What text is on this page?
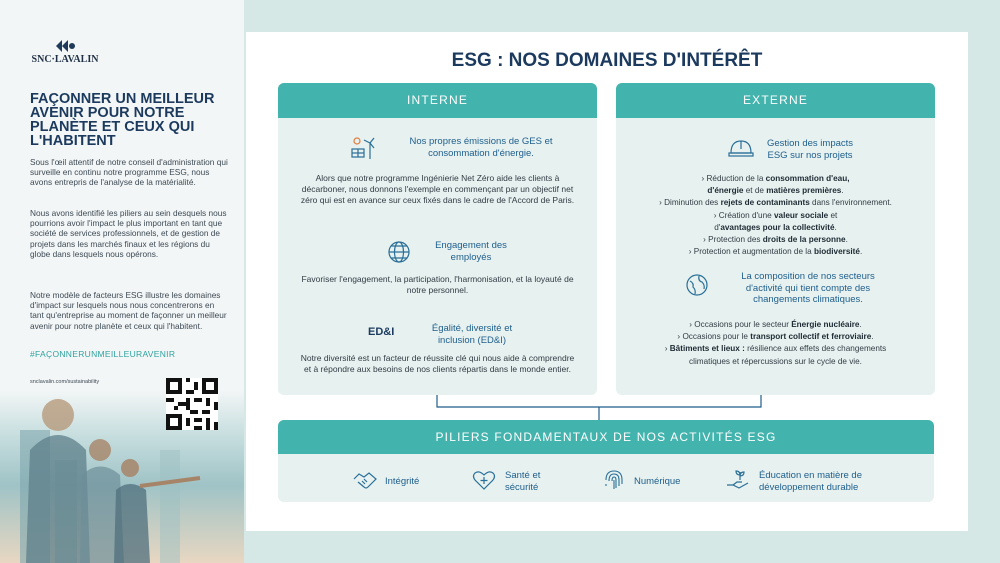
SNC·LAVALIN
FAÇONNER UN MEILLEUR AVENIR POUR NOTRE PLANÈTE ET CEUX QUI L'HABITENT

Sous l'œil attentif de notre conseil d'administration qui surveille en continu notre programme ESG, nous avons entrepris de l'analyse de la matérialité.

Nous avons identifié les piliers au sein desquels nous pourrions avoir l'impact le plus important en tant que société de services professionnels, et de gestion de projets dans les marchés finaux et les régions du globe dans lesquels nous opérons.

Notre modèle de facteurs ESG illustre les domaines d'impact sur lesquels nous nous concentrerons en tant qu'entreprise au moment de façonner un meilleur avenir pour notre planète et ceux qui l'habitent.

#FAÇONNERUNMEILLEURAVENIR
snclavalin.com/sustainability
ESG : NOS DOMAINES D'INTÉRÊT
INTERNE
Nos propres émissions de GES et consommation d'énergie.
Alors que notre programme Ingénierie Net Zéro aide les clients à décarboner, nous donnons l'exemple en commençant par un objectif net zéro qui est en avance sur ceux fixés dans le cadre de l'Accord de Paris.
Engagement des employés
Favoriser l'engagement, la participation, l'harmonisation, et la loyauté de notre personnel.
ED&I	Égalité, diversité et inclusion (ED&I)
Notre diversité est un facteur de réussite clé qui nous aide à comprendre et à répondre aux besoins de nos clients répartis dans le monde entier.
EXTERNE
Gestion des impacts ESG sur nos projets
› Réduction de la consommation d'eau,
d'énergie et de matières premières.
› Diminution des rejets de contaminants dans l'environnement.
› Création d'une valeur sociale et
d'avantages pour la collectivité.
› Protection des droits de la personne.
› Protection et augmentation de la biodiversité.
La composition de nos secteurs d'activité qui tient compte des changements climatiques.
› Occasions pour le secteur Énergie nucléaire.
› Occasions pour le transport collectif et ferroviaire.
› Bâtiments et lieux : résilience aux effets des changements
climatiques et répercussions sur le cycle de vie.
PILIERS FONDAMENTAUX DE NOS ACTIVITÉS ESG
Intégrité
Santé et sécurité
Numérique
Éducation en matière de développement durable
